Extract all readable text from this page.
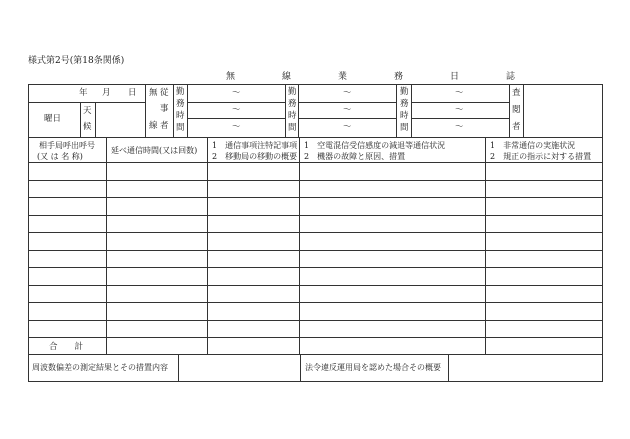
様式第2号(第18条関係)
無　線　業　務　日　誌
年 月 日
曜日
天
候
無
線
従
事
者
勤
務
時
間
勤
務
時
間
勤
務
時
間
〜
〜
〜
〜
〜
〜
〜
〜
〜
査
閲
者
相手局呼出呼号
(又 は 名 称)
延べ通信時間(又は回数)
1　通信事項注特記事項
2　移動局の移動の概要
1　空電混信受信感度の減退等通信状況
2　機器の故障と原因、措置
1　非常通信の実施状況
2　規正の指示に対する措置
合　　計
周波数偏差の測定結果とその措置内容	法令違反運用局を認めた場合その概要
